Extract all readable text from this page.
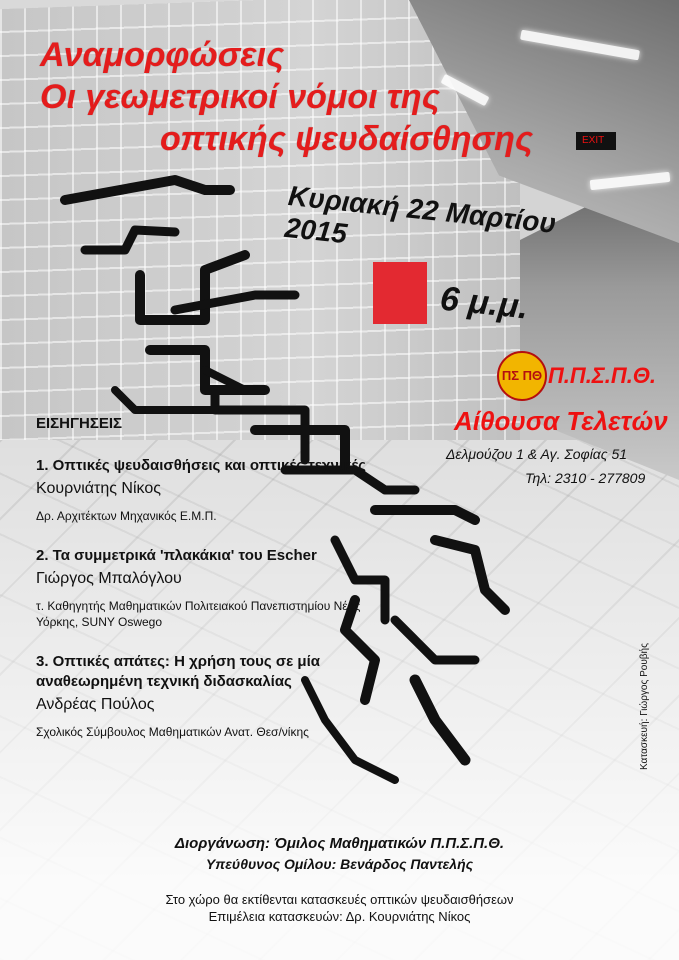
EXIT
Αναμορφώσεις
Οι γεωμετρικοί νόμοι της
οπτικής ψευδαίσθησης
Κυριακή 22 Μαρτίου 2015
6 μ.μ.
ΠΣ ΠΘ Π.Π.Σ.Π.Θ.
Αίθουσα Τελετών
Δελμούζου 1 & Αγ. Σοφίας 51
Τηλ: 2310 - 277809
ΕΙΣΗΓΗΣΕΙΣ
1. Οπτικές ψευδαισθήσεις και οπτικές τεχνικές
Κουρνιάτης Νίκος
Δρ. Αρχιτέκτων Μηχανικός Ε.Μ.Π.
2. Τα συμμετρικά 'πλακάκια' του Escher
Γιώργος Μπαλόγλου
τ. Καθηγητής Μαθηματικών Πολιτειακού Πανεπιστημίου Νέας Υόρκης, SUNY Oswego
3. Οπτικές απάτες: Η χρήση τους σε μία αναθεωρημένη τεχνική διδασκαλίας
Ανδρέας Πούλος
Σχολικός Σύμβουλος Μαθηματικών Ανατ. Θεσ/νίκης
Διοργάνωση: Όμιλος Μαθηματικών Π.Π.Σ.Π.Θ.
Υπεύθυνος Ομίλου: Βενάρδος Παντελής
Στο χώρο θα εκτίθενται κατασκευές οπτικών ψευδαισθήσεων
Επιμέλεια κατασκευών: Δρ. Κουρνιάτης Νίκος
Κατασκευή: Γιώργος Ρουβής
